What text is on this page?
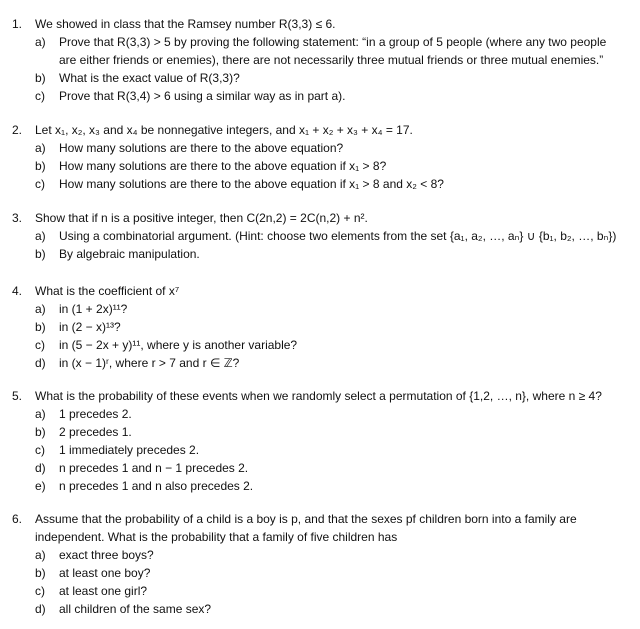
1. We showed in class that the Ramsey number R(3,3) ≤ 6.
a) Prove that R(3,3) > 5 by proving the following statement: “in a group of 5 people (where any two people
are either friends or enemies), there are not necessarily three mutual friends or three mutual enemies.”
b) What is the exact value of R(3,3)?
c) Prove that R(3,4) > 6 using a similar way as in part a).
2. Let x₁, x₂, x₃ and x₄ be nonnegative integers, and x₁ + x₂ + x₃ + x₄ = 17.
a) How many solutions are there to the above equation?
b) How many solutions are there to the above equation if x₁ > 8?
c) How many solutions are there to the above equation if x₁ > 8 and x₂ < 8?
3. Show that if n is a positive integer, then C(2n,2) = 2C(n,2) + n².
a) Using a combinatorial argument. (Hint: choose two elements from the set {a₁, a₂, …, aₙ} ∪ {b₁, b₂, …, bₙ})
b) By algebraic manipulation.
4. What is the coefficient of x⁷
a) in (1 + 2x)¹¹?
b) in (2 − x)¹³?
c) in (5 − 2x + y)¹¹, where y is another variable?
d) in (x − 1)ʳ, where r > 7 and r ∈ ℤ?
5. What is the probability of these events when we randomly select a permutation of {1,2, …, n}, where n ≥ 4?
a) 1 precedes 2.
b) 2 precedes 1.
c) 1 immediately precedes 2.
d) n precedes 1 and n − 1 precedes 2.
e) n precedes 1 and n also precedes 2.
6. Assume that the probability of a child is a boy is p, and that the sexes pf children born into a family are
independent. What is the probability that a family of five children has
a) exact three boys?
b) at least one boy?
c) at least one girl?
d) all children of the same sex?
